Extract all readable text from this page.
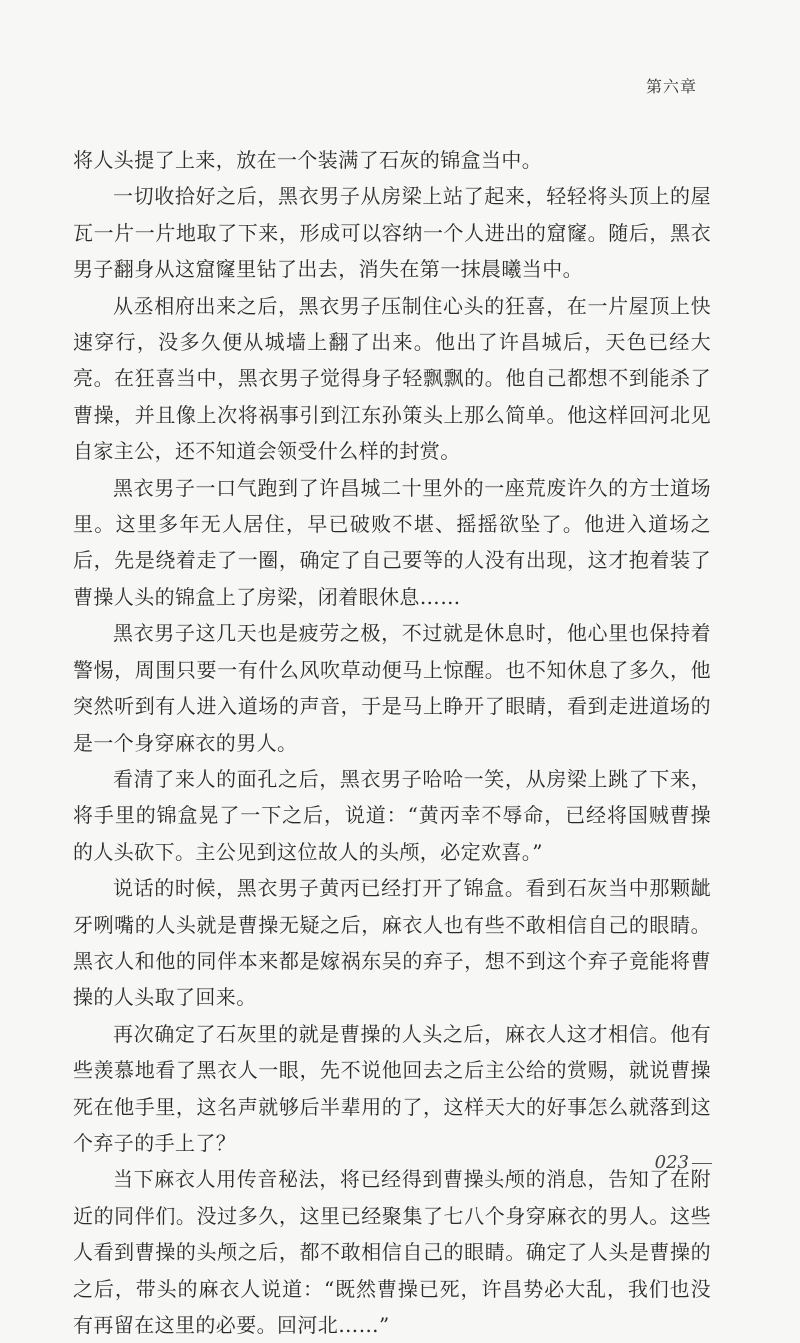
第六章

将人头提了上来，放在一个装满了石灰的锦盒当中。

一切收拾好之后，黑衣男子从房梁上站了起来，轻轻将头顶上的屋瓦一片一片地取了下来，形成可以容纳一个人进出的窟窿。随后，黑衣男子翻身从这窟窿里钻了出去，消失在第一抹晨曦当中。

从丞相府出来之后，黑衣男子压制住心头的狂喜，在一片屋顶上快速穿行，没多久便从城墙上翻了出来。他出了许昌城后，天色已经大亮。在狂喜当中，黑衣男子觉得身子轻飘飘的。他自己都想不到能杀了曹操，并且像上次将祸事引到江东孙策头上那么简单。他这样回河北见自家主公，还不知道会领受什么样的封赏。

黑衣男子一口气跑到了许昌城二十里外的一座荒废许久的方士道场里。这里多年无人居住，早已破败不堪、摇摇欲坠了。他进入道场之后，先是绕着走了一圈，确定了自己要等的人没有出现，这才抱着装了曹操人头的锦盒上了房梁，闭着眼休息……

黑衣男子这几天也是疲劳之极，不过就是休息时，他心里也保持着警惕，周围只要一有什么风吹草动便马上惊醒。也不知休息了多久，他突然听到有人进入道场的声音，于是马上睁开了眼睛，看到走进道场的是一个身穿麻衣的男人。

看清了来人的面孔之后，黑衣男子哈哈一笑，从房梁上跳了下来，将手里的锦盒晃了一下之后，说道：“黄丙幸不辱命，已经将国贼曹操的人头砍下。主公见到这位故人的头颅，必定欢喜。”

说话的时候，黑衣男子黄丙已经打开了锦盒。看到石灰当中那颗龇牙咧嘴的人头就是曹操无疑之后，麻衣人也有些不敢相信自己的眼睛。黑衣人和他的同伴本来都是嫁祸东吴的弃子，想不到这个弃子竟能将曹操的人头取了回来。

再次确定了石灰里的就是曹操的人头之后，麻衣人这才相信。他有些羡慕地看了黑衣人一眼，先不说他回去之后主公给的赏赐，就说曹操死在他手里，这名声就够后半辈用的了，这样天大的好事怎么就落到这个弃子的手上了？

当下麻衣人用传音秘法，将已经得到曹操头颅的消息，告知了在附近的同伴们。没过多久，这里已经聚集了七八个身穿麻衣的男人。这些人看到曹操的头颅之后，都不敢相信自己的眼睛。确定了人头是曹操的之后，带头的麻衣人说道：“既然曹操已死，许昌势必大乱，我们也没有再留在这里的必要。回河北……”

023
